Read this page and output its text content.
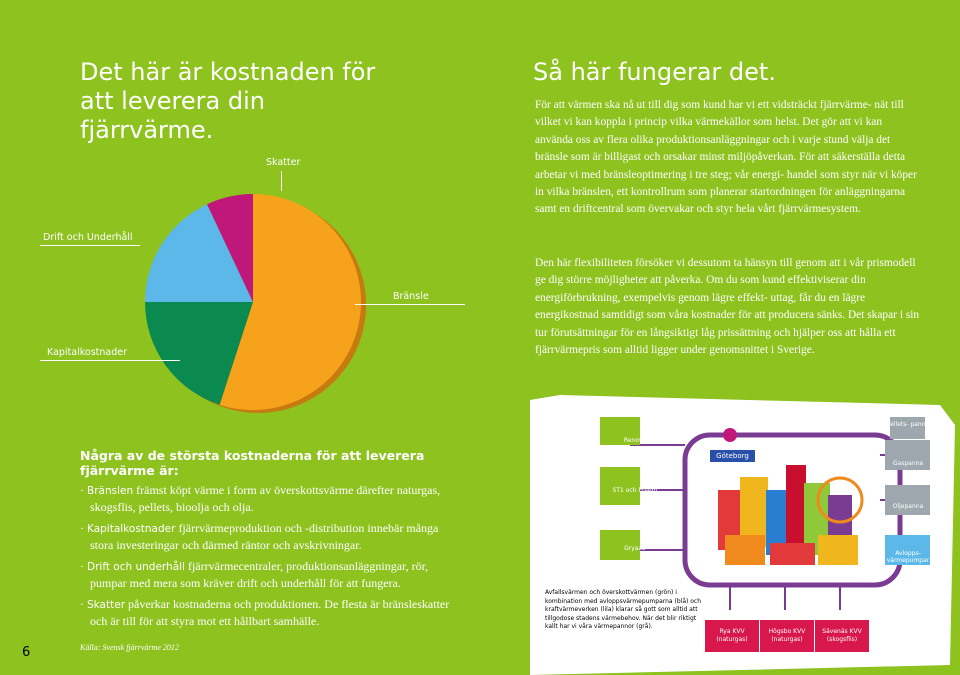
Det här är kostnaden för att leverera din fjärrvärme.
Skatter
Drift och Underhåll
Bränsle
Kapitalkostnader
Så här fungerar det.

För att värmen ska nå ut till dig som kund har vi ett vidsträckt fjärrvärme- nät till vilket vi kan koppla i princip vilka värmekällor som helst. Det gör att vi kan använda oss av flera olika produktionsanläggningar och i varje stund välja det bränsle som är billigast och orsakar minst miljöpåverkan. För att säkerställa detta arbetar vi med bränsleoptimering i tre steg; vår energi- handel som styr när vi köper in vilka bränslen, ett kontrollrum som planerar startordningen för anläggningarna samt en driftcentral som övervakar och styr hela vårt fjärrvärmesystem.

Den här flexibiliteten försöker vi dessutom ta hänsyn till genom att i vår prismodell ge dig större möjligheter att påverka. Om du som kund effektiviserar din energiförbrukning, exempelvis genom lägre effekt- uttag, får du en lägre energikostnad samtidigt som våra kostnader för att producera sänks. Det skapar i sin tur förutsättningar för en långsiktigt låg prissättning och hjälper oss att hålla ett fjärrvärmepris som alltid ligger under genomsnittet i Sverige.

Några av de största kostnaderna för att leverera fjärrvärme är:
· Bränslen främst köpt värme i form av överskottsvärme därefter naturgas, skogsflis, pellets, bioolja och olja.
· Kapitalkostnader fjärrvärmeproduktion och -distribution innebär många stora investeringar och därmed räntor och avskrivningar.
· Drift och underhåll fjärrvärmecentraler, produktionsanläggningar, rör, pumpar med mera som kräver drift och underhåll för att fungera.
· Skatter påverkar kostnaderna och produktionen. De flesta är bränsleskatter och är till för att styra mot ett hållbart samhälle.
Källa: Svensk fjärrvärme 2012
6
Renova
ST1 och Preem
Gryaab
Göteborg
Pellets- panna
Gaspanna
Oljepanna
Avlopps- värmepumpar
Rya KVV (naturgas)
Högsbo KVV (naturgas)
Sävenäs KVV (skogsflis)
Avfallsvärmen och överskottvärmen (grön) i kombination med avloppsvärmepumparna (blå) och kraftvärmeverken (lila) klarar så gott som alltid att tillgodose stadens värmebehov. När det blir riktigt kallt har vi våra värmepannor (grå).
